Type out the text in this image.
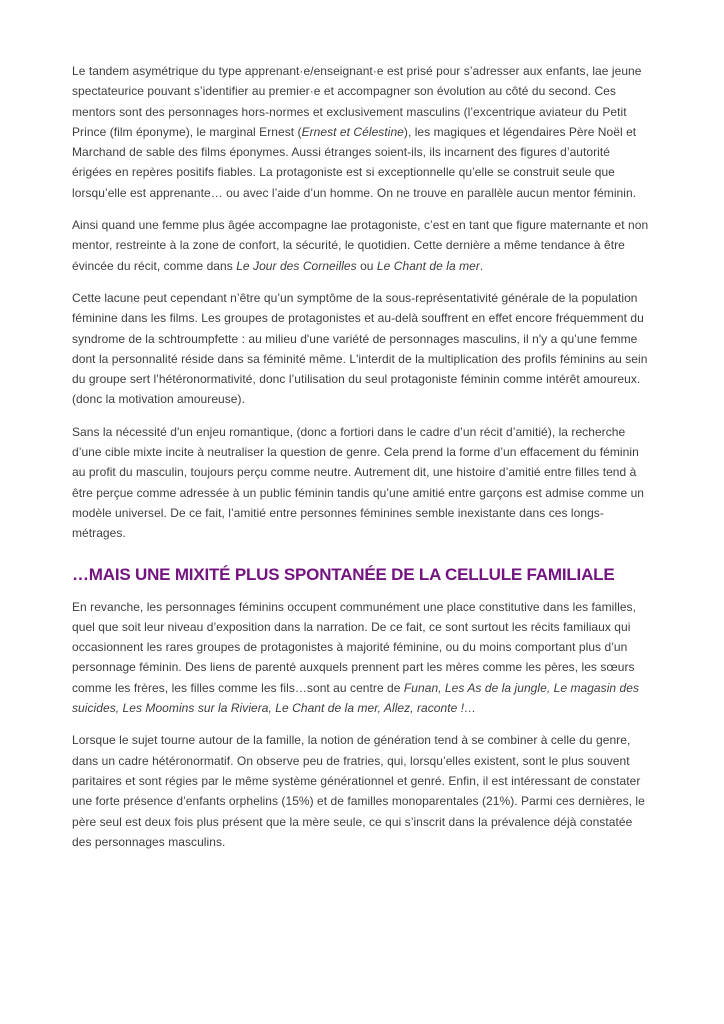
Le tandem asymétrique du type apprenant·e/enseignant·e est prisé pour s’adresser aux enfants, lae jeune spectateurice pouvant s’identifier au premier·e et accompagner son évolution au côté du second. Ces mentors sont des personnages hors-normes et exclusivement masculins (l’excentrique aviateur du Petit Prince (film éponyme), le marginal Ernest (Ernest et Célestine), les magiques et légendaires Père Noël et Marchand de sable des films éponymes. Aussi étranges soient-ils, ils incarnent des figures d’autorité érigées en repères positifs fiables. La protagoniste est si exceptionnelle qu’elle se construit seule que lorsqu’elle est apprenante… ou avec l’aide d’un homme. On ne trouve en parallèle aucun mentor féminin.

Ainsi quand une femme plus âgée accompagne lae protagoniste, c’est en tant que figure maternante et non mentor, restreinte à la zone de confort, la sécurité, le quotidien. Cette dernière a même tendance à être évincée du récit, comme dans Le Jour des Corneilles ou Le Chant de la mer.

Cette lacune peut cependant n’être qu’un symptôme de la sous-représentativité générale de la population féminine dans les films. Les groupes de protagonistes et au-delà souffrent en effet encore fréquemment du syndrome de la schtroumpfette : au milieu d'une variété de personnages masculins, il n'y a qu’une femme dont la personnalité réside dans sa féminité même. L'interdit de la multiplication des profils féminins au sein du groupe sert l’hétéronormativité, donc l’utilisation du seul protagoniste féminin comme intérêt amoureux. (donc la motivation amoureuse).

Sans la nécessité d'un enjeu romantique, (donc a fortiori dans le cadre d’un récit d’amitié), la recherche d’une cible mixte incite à neutraliser la question de genre. Cela prend la forme d’un effacement du féminin au profit du masculin, toujours perçu comme neutre. Autrement dit, une histoire d’amitié entre filles tend à être perçue comme adressée à un public féminin tandis qu’une amitié entre garçons est admise comme un modèle universel. De ce fait, l’amitié entre personnes féminines semble inexistante dans ces longs-métrages.

…MAIS UNE MIXITÉ PLUS SPONTANÉE DE LA CELLULE FAMILIALE

En revanche, les personnages féminins occupent communément une place constitutive dans les familles, quel que soit leur niveau d’exposition dans la narration. De ce fait, ce sont surtout les récits familiaux qui occasionnent les rares groupes de protagonistes à majorité féminine, ou du moins comportant plus d’un personnage féminin. Des liens de parenté auxquels prennent part les mères comme les pères, les sœurs comme les frères, les filles comme les fils…sont au centre de Funan, Les As de la jungle, Le magasin des suicides, Les Moomins sur la Riviera, Le Chant de la mer, Allez, raconte !…

Lorsque le sujet tourne autour de la famille, la notion de génération tend à se combiner à celle du genre, dans un cadre hétéronormatif. On observe peu de fratries, qui, lorsqu’elles existent, sont le plus souvent paritaires et sont régies par le même système générationnel et genré. Enfin, il est intéressant de constater une forte présence d’enfants orphelins (15%) et de familles monoparentales (21%). Parmi ces dernières, le père seul est deux fois plus présent que la mère seule, ce qui s’inscrit dans la prévalence déjà constatée des personnages masculins.
